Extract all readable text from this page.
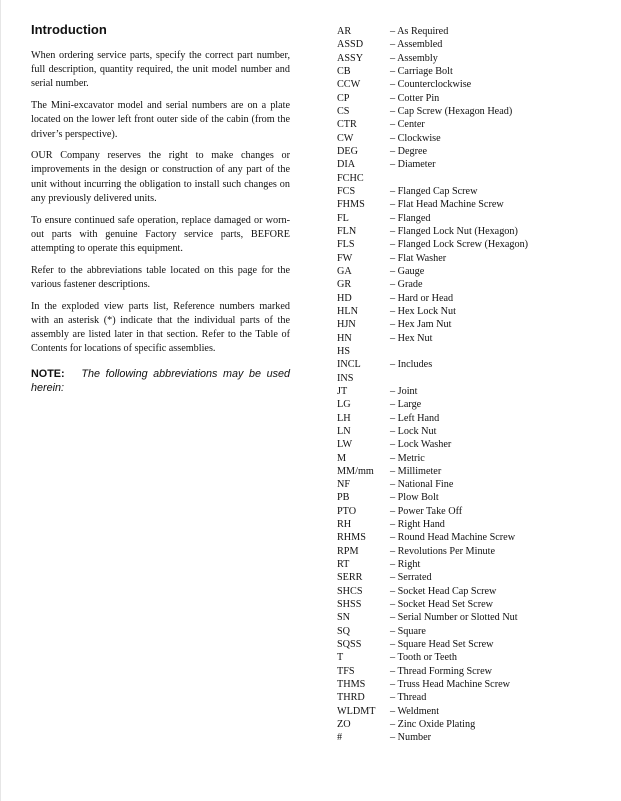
Introduction

When ordering service parts, specify the correct part number, full description, quantity required, the unit model number and serial number.

The Mini-excavator model and serial numbers are on a plate located on the lower left front outer side of the cabin (from the driver’s perspective).

OUR Company reserves the right to make changes or improvements in the design or construction of any part of the unit without incurring the obligation to install such changes on any previously delivered units.

To ensure continued safe operation, replace damaged or worn-out parts with genuine Factory service parts, BEFORE attempting to operate this equipment.

Refer to the abbreviations table located on this page for the various fastener descriptions.

In the exploded view parts list, Reference numbers marked with an asterisk (*) indicate that the individual parts of the assembly are listed later in that section. Refer to the Table of Contents for locations of specific assemblies.

NOTE: The following abbreviations may be used herein:

AR	– As Required
ASSD	– Assembled
ASSY	– Assembly
CB	– Carriage Bolt
CCW	– Counterclockwise
CP	– Cotter Pin
CS	– Cap Screw (Hexagon Head)
CTR	– Center
CW	– Clockwise
DEG	– Degree
DIA	– Diameter
FCHC
FCS	– Flanged Cap Screw
FHMS	– Flat Head Machine Screw
FL	– Flanged
FLN	– Flanged Lock Nut (Hexagon)
FLS	– Flanged Lock Screw (Hexagon)
FW	– Flat Washer
GA	– Gauge
GR	– Grade
HD	– Hard or Head
HLN	– Hex Lock Nut
HJN	– Hex Jam Nut
HN	– Hex Nut
HS
INCL	– Includes
INS
JT	– Joint
LG	– Large
LH	– Left Hand
LN	– Lock Nut
LW	– Lock Washer
M	– Metric
MM/mm	– Millimeter
NF	– National Fine
PB	– Plow Bolt
PTO	– Power Take Off
RH	– Right Hand
RHMS	– Round Head Machine Screw
RPM	– Revolutions Per Minute
RT	– Right
SERR	– Serrated
SHCS	– Socket Head Cap Screw
SHSS	– Socket Head Set Screw
SN	– Serial Number or Slotted Nut
SQ	– Square
SQSS	– Square Head Set Screw
T	– Tooth or Teeth
TFS	– Thread Forming Screw
THMS	– Truss Head Machine Screw
THRD	– Thread
WLDMT	– Weldment
ZO	– Zinc Oxide Plating
#	– Number
